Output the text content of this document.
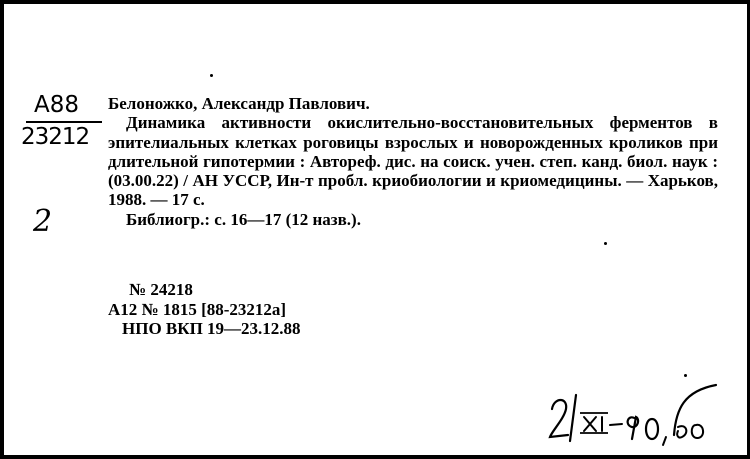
A88
23212
2

Белоножко, Александр Павлович.

Динамика активности окислительно-восстановительных ферментов в эпителиальных клетках роговицы взрослых и новорожденных кроликов при длительной гипотермии : Автореф. дис. на соиск. учен. степ. канд. биол. наук : (03.00.22) / АН УССР, Ин-т пробл. криобиологии и криомедицины. — Харьков, 1988. — 17 с.

Библиогр.: с. 16—17 (12 назв.).

№ 24218
А12 № 1815 [88-23212а]
НПО ВКП 19—23.12.88
